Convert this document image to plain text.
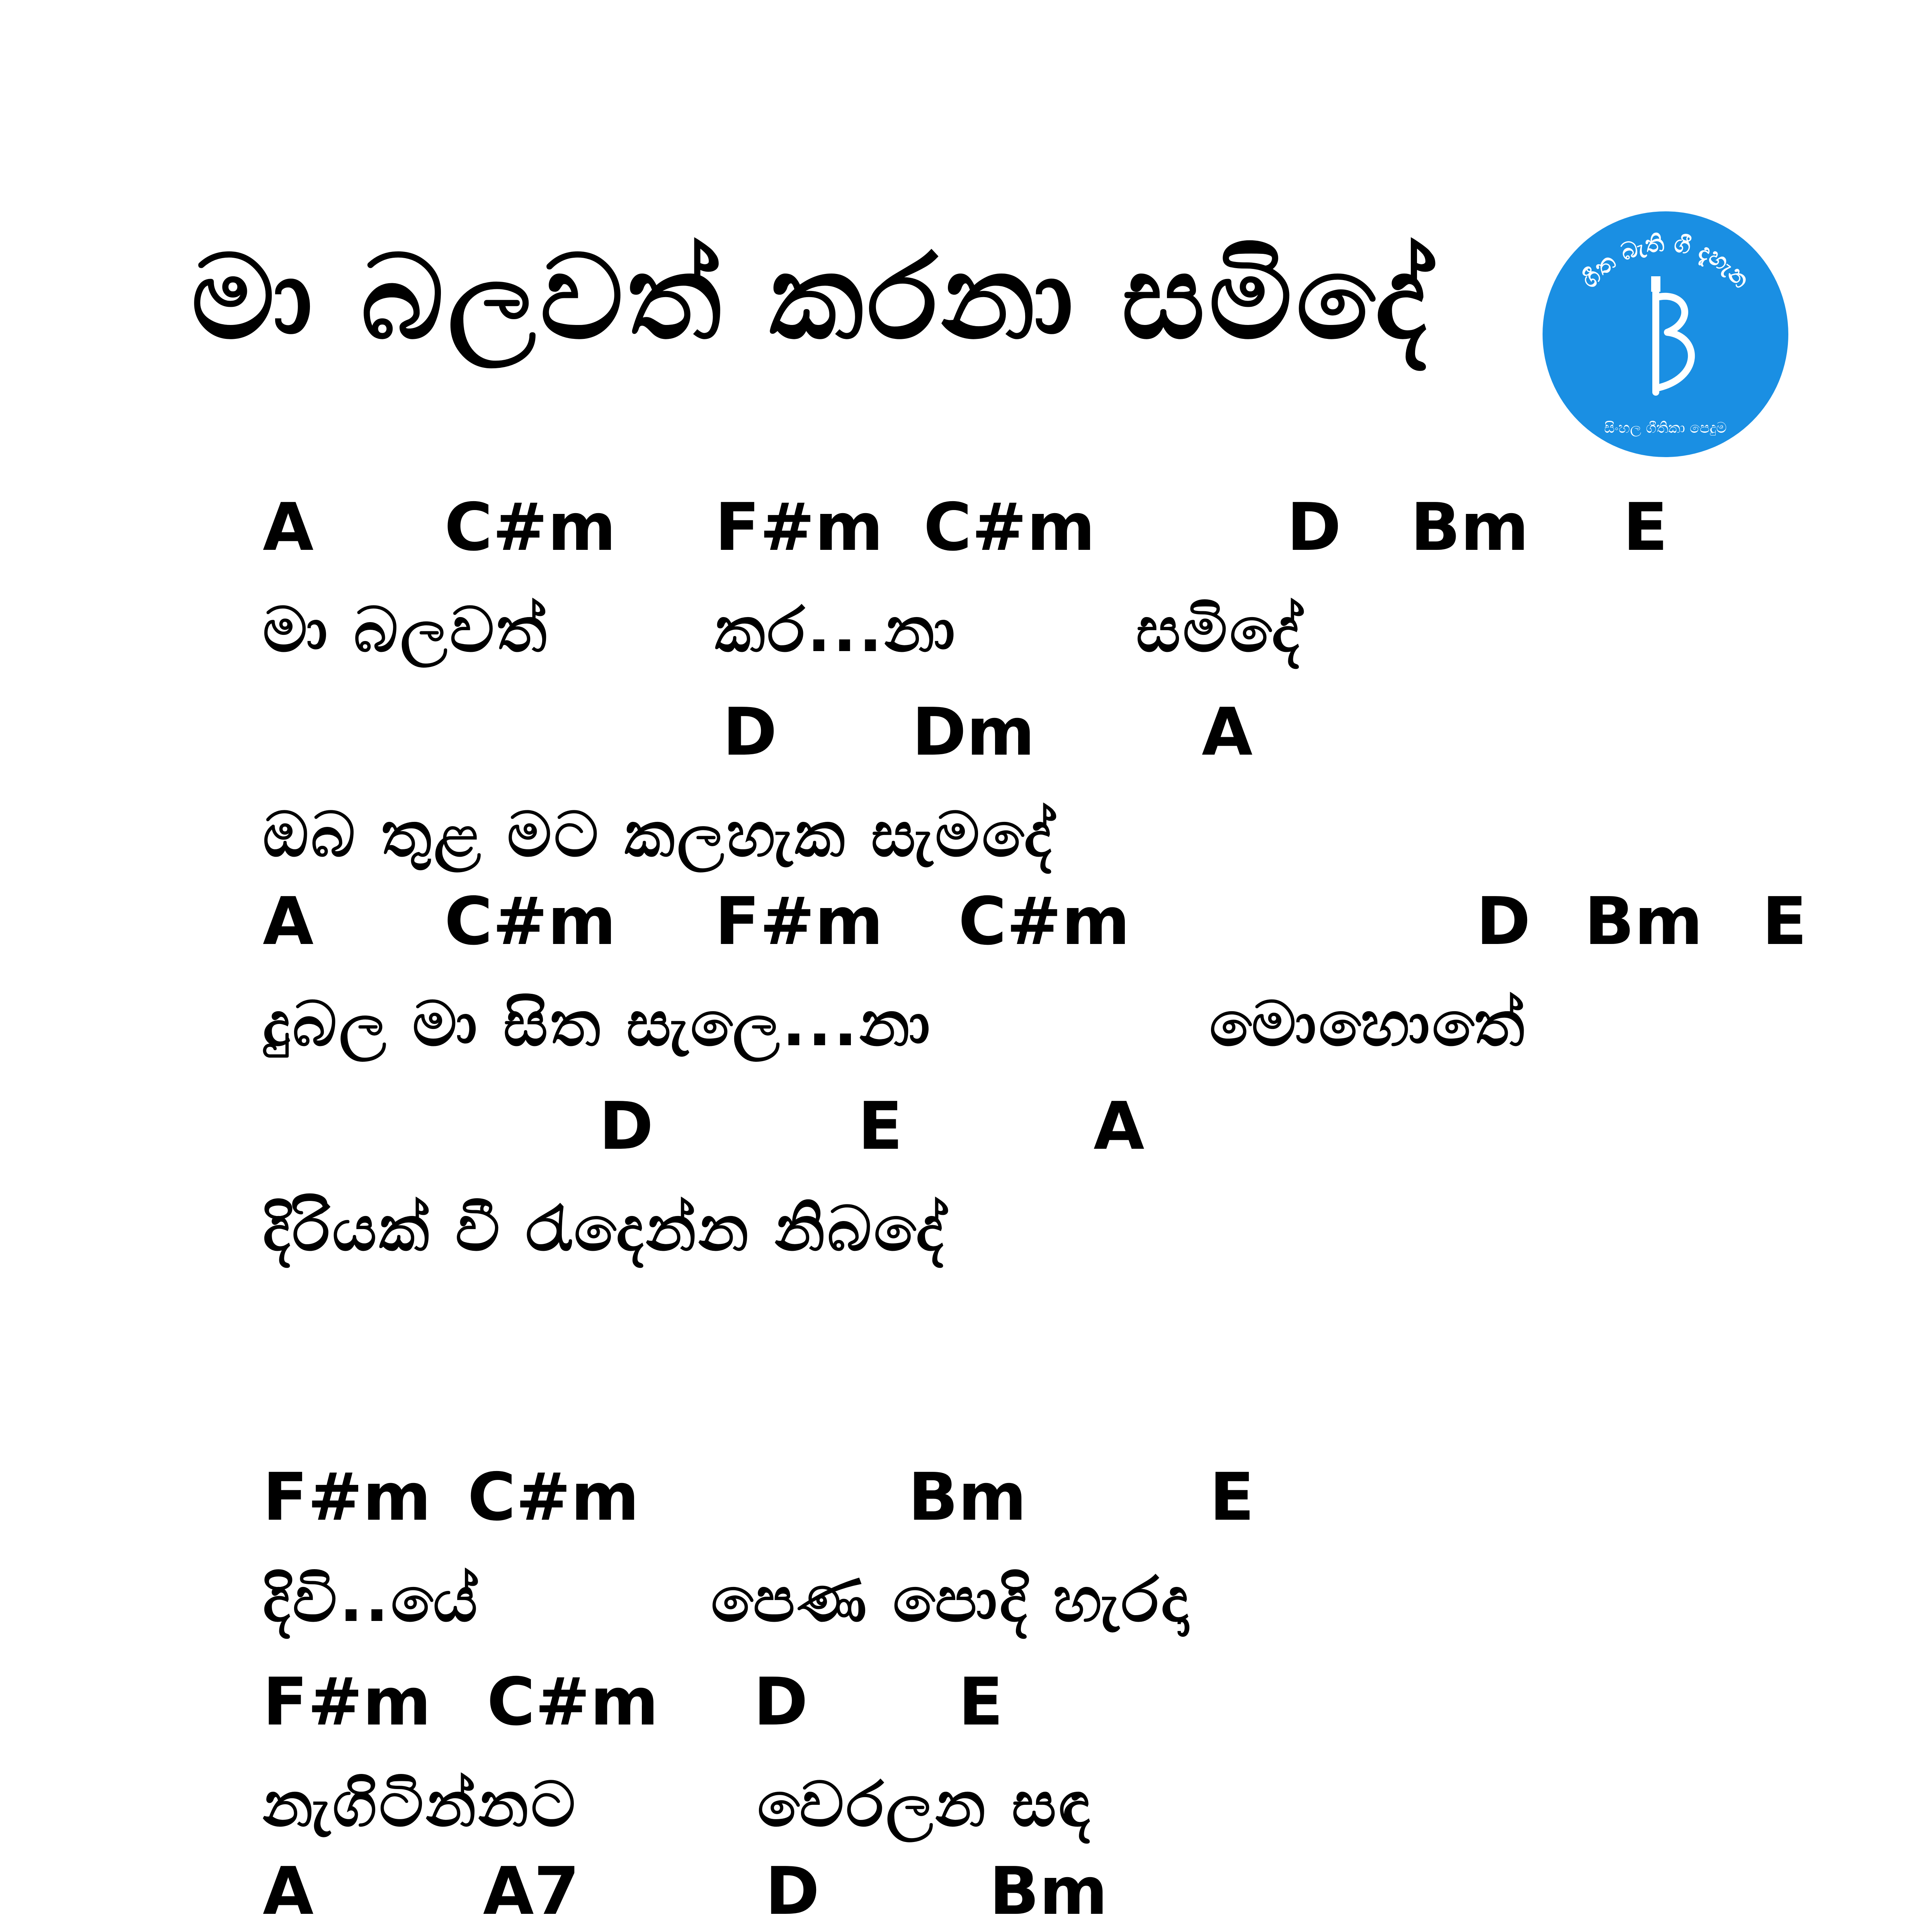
මා බලවත් කරනා සමිදේ	ගීත බැති ගී දැහැන
සිංහල ගීතිකා පෙදුම
A C#m F#m C#m	D Bm E
මා බලවත්	කර...නා	සමිදේ
D Dm	A
ඔබ තුළ මට කලහැක සැමදේ
A C#m F#m C#m	D Bm E
දුබල මා සිත සැලෙ...නා	මොහොතේ
D	E	A
දිරියක් වී රැදෙන්න නිබදේ
F#m C#m	Bm	E
දිවි..යේ	පෙණ පොදි හැරදා
F#m C#m D E
නැගිටින්නට	වෙරලන සඳ
A	A7	D	Bm
